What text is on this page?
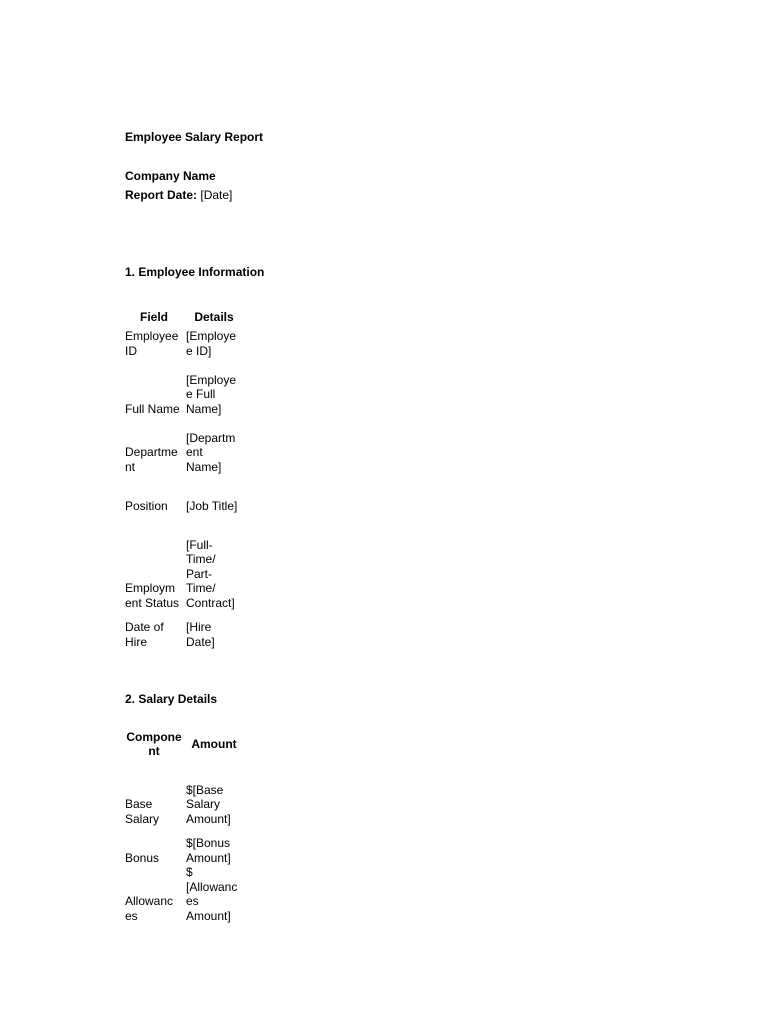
Employee Salary Report
Company Name
Report Date: [Date]
1. Employee Information
Field	Details
Employee
ID
[Employe
e ID]
Full Name
[Employe
e Full
Name]
Departme
nt
[Departm
ent
Name]
Position	[Job Title]
Employm
ent Status
[Full-
Time/
Part-
Time/
Contract]
Date of
Hire
[Hire
Date]
2. Salary Details
Compone
nt
Amount
Base
Salary
$[Base
Salary
Amount]
Bonus
$[Bonus
Amount]
Allowanc
es
$
[Allowanc
es
Amount]
